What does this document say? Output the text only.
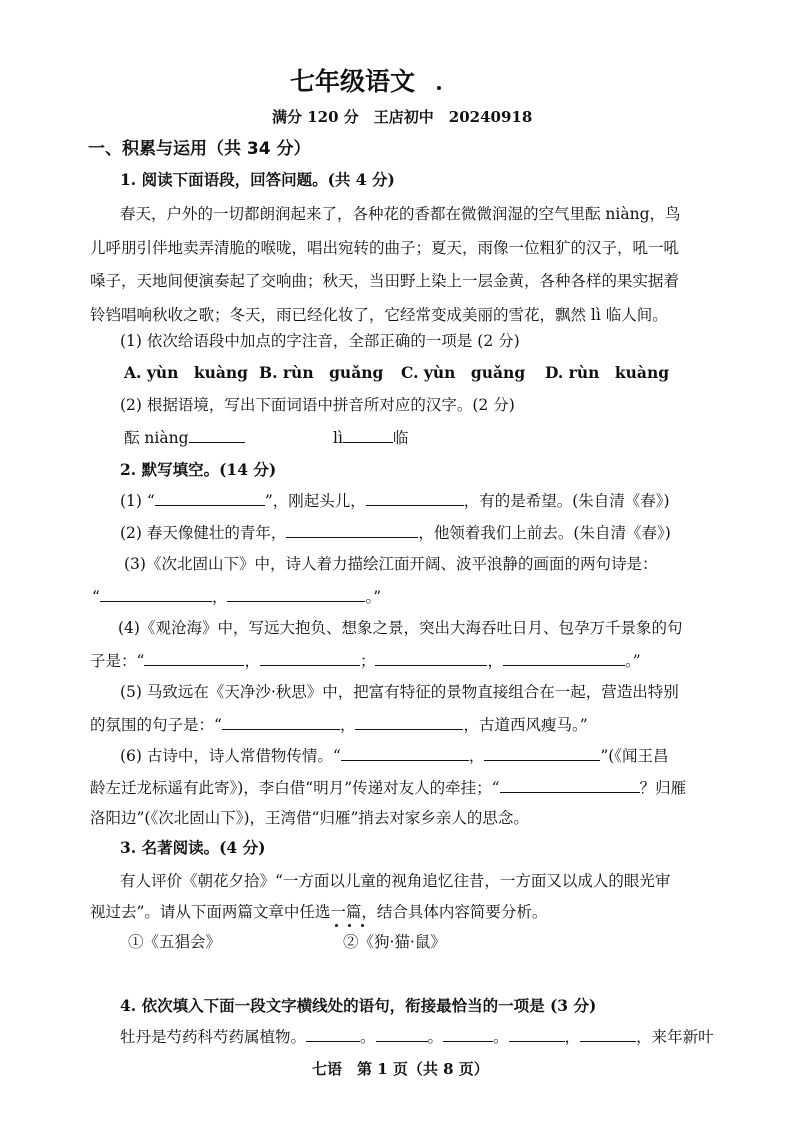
七年级语文
满分 120 分　王店初中　20240918
一、积累与运用（共 34 分）
1. 阅读下面语段，回答问题。(共 4 分)
春天，户外的一切都朗润起来了，各种花的香都在微微润湿的空气里酝 niàng，鸟
儿呼朋引伴地卖弄清脆的喉咙，唱出宛转的曲子；夏天，雨像一位粗犷的汉子，吼一吼
嗓子，天地间便演奏起了交响曲；秋天，当田野上染上一层金黄，各种各样的果实据着
铃铛唱响秋收之歌；冬天，雨已经化妆了，它经常变成美丽的雪花，飘然 lì 临人间。
(1) 依次给语段中加点的字注音，全部正确的一项是 (2 分)
A. yùn　kuàng B. rùn　guǎng C. yùn　guǎng D. rùn　kuàng
(2) 根据语境，写出下面词语中拼音所对应的汉字。(2 分)
酝 niàng	lì	临
2. 默写填空。(14 分)
(1) “	”，刚起头儿，	，有的是希望。(朱自清《春》)
(2) 春天像健壮的青年，	，他领着我们上前去。(朱自清《春》)
(3)《次北固山下》中，诗人着力描绘江面开阔、波平浪静的画面的两句诗是：
“	，	。”
(4)《观沧海》中，写远大抱负、想象之景，突出大海吞吐日月、包孕万千景象的句
子是：“	，	；	，	。”
(5) 马致远在《天净沙·秋思》中，把富有特征的景物直接组合在一起，营造出特别
的氛围的句子是：“	，	，古道西风瘦马。”
(6) 古诗中，诗人常借物传情。“	，	”(《闻王昌
龄左迁龙标遥有此寄》)，李白借“明月”传递对友人的牵挂；“	？归雁
洛阳边”(《次北固山下》)，王湾借“归雁”捎去对家乡亲人的思念。
3. 名著阅读。(4 分)
有人评价《朝花夕拾》“一方面以儿童的视角追忆往昔，一方面又以成人的眼光审
视过去”。请从下面两篇文章中任选一篇，结合具体内容简要分析。
①《五猖会》	②《狗·猫·鼠》
4. 依次填入下面一段文字横线处的语句，衔接最恰当的一项是 (3 分)
牡丹是芍药科芍药属植物。	。	。	。	，	，来年新叶
七语　第 1 页（共 8 页）
